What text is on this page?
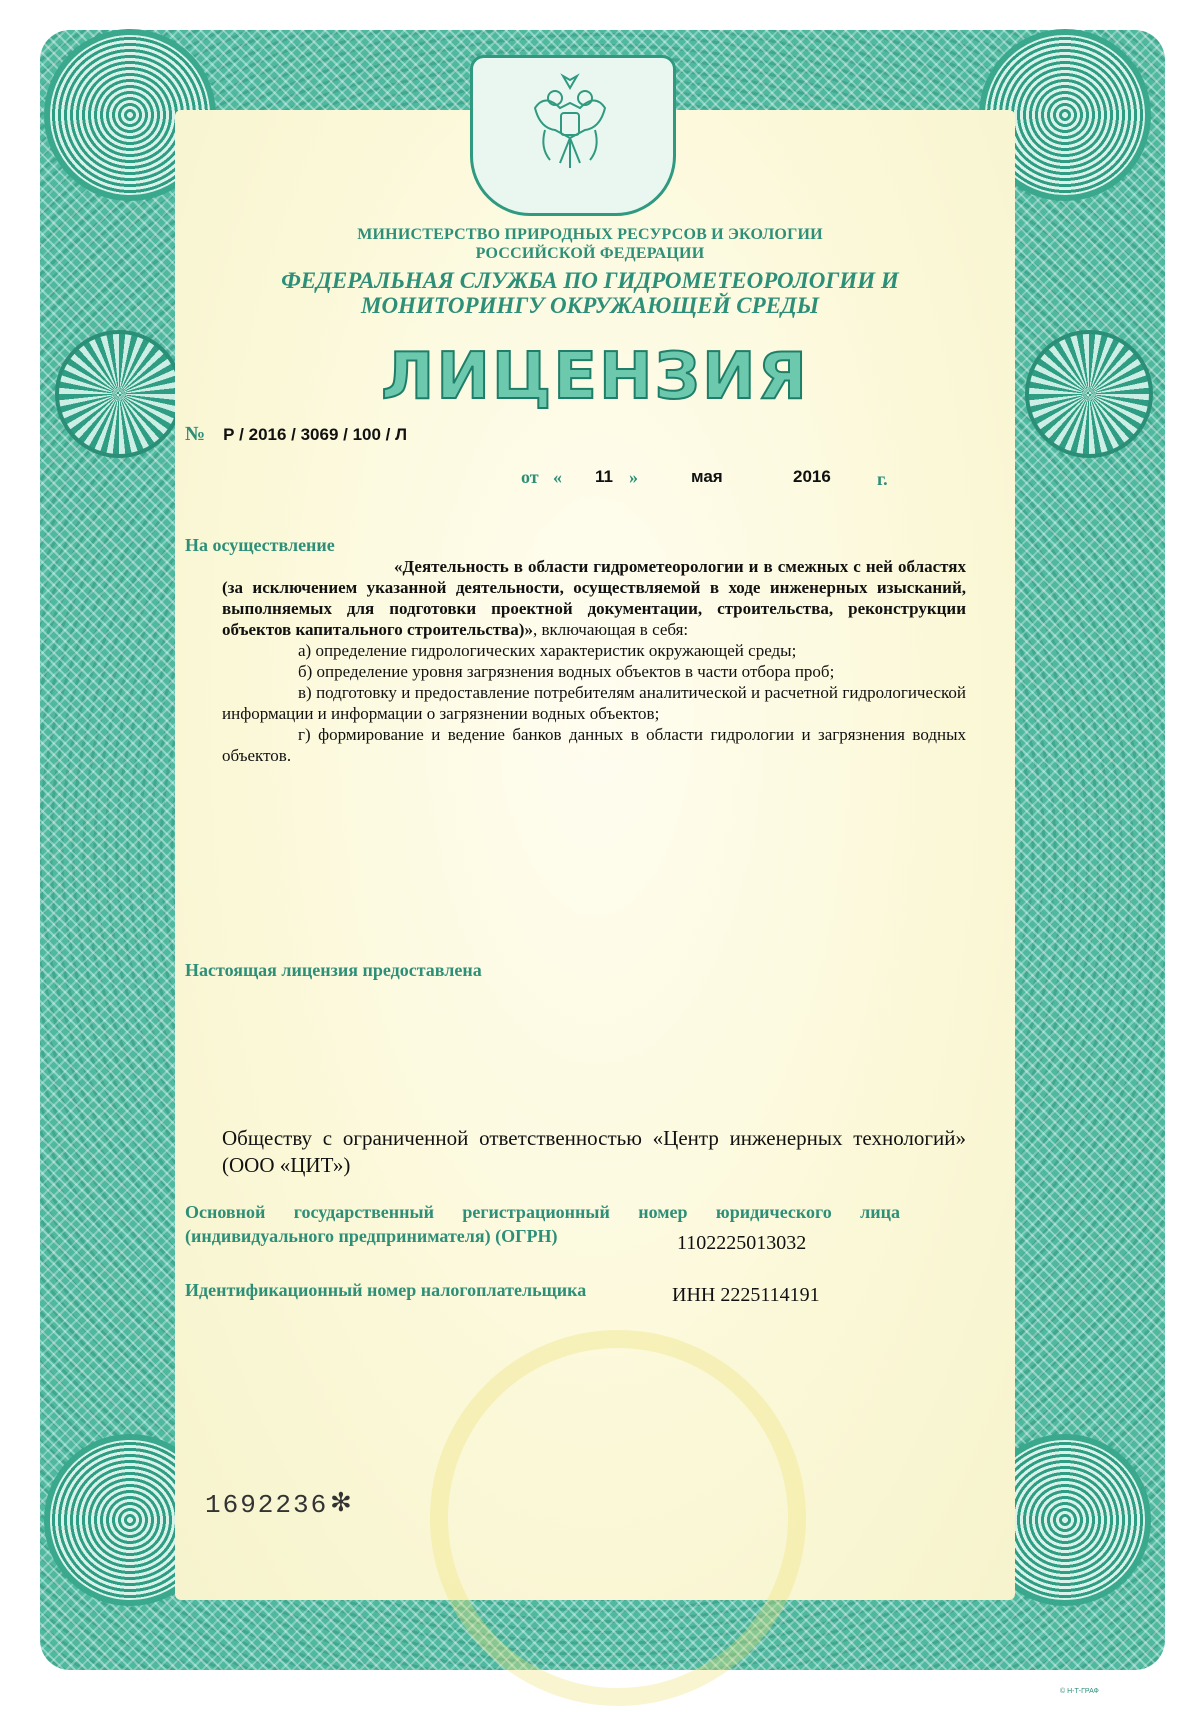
МИНИСТЕРСТВО ПРИРОДНЫХ РЕСУРСОВ И ЭКОЛОГИИ
РОССИЙСКОЙ ФЕДЕРАЦИИ
ФЕДЕРАЛЬНАЯ СЛУЖБА ПО ГИДРОМЕТЕОРОЛОГИИ И
МОНИТОРИНГУ ОКРУЖАЮЩЕЙ СРЕДЫ
ЛИЦЕНЗИЯ
№ Р / 2016 / 3069 / 100 / Л
от « 11 »	мая	2016	г.
На осуществление

«Деятельность в области гидрометеорологии и в смежных с ней областях (за исключением указанной деятельности, осуществляемой в ходе инженерных изысканий, выполняемых для подготовки проектной документации, строительства, реконструкции объектов капитального строительства)», включающая в себя:

а) определение гидрологических характеристик окружающей среды;

б) определение уровня загрязнения водных объектов в части отбора проб;

в) подготовку и предоставление потребителям аналитической и расчетной гидрологической информации и информации о загрязнении водных объектов;

г) формирование и ведение банков данных в области гидрологии и загрязнения водных объектов.

Настоящая лицензия предоставлена
Обществу с ограниченной ответственностью «Центр инженерных технологий» (ООО «ЦИТ»)
Основной государственный регистрационный номер юридического лица
(индивидуального предпринимателя) (ОГРН)	1102225013032
Идентификационный номер налогоплательщика	ИНН 2225114191
1692236 ✻
© Н-Т-ГРАФ
